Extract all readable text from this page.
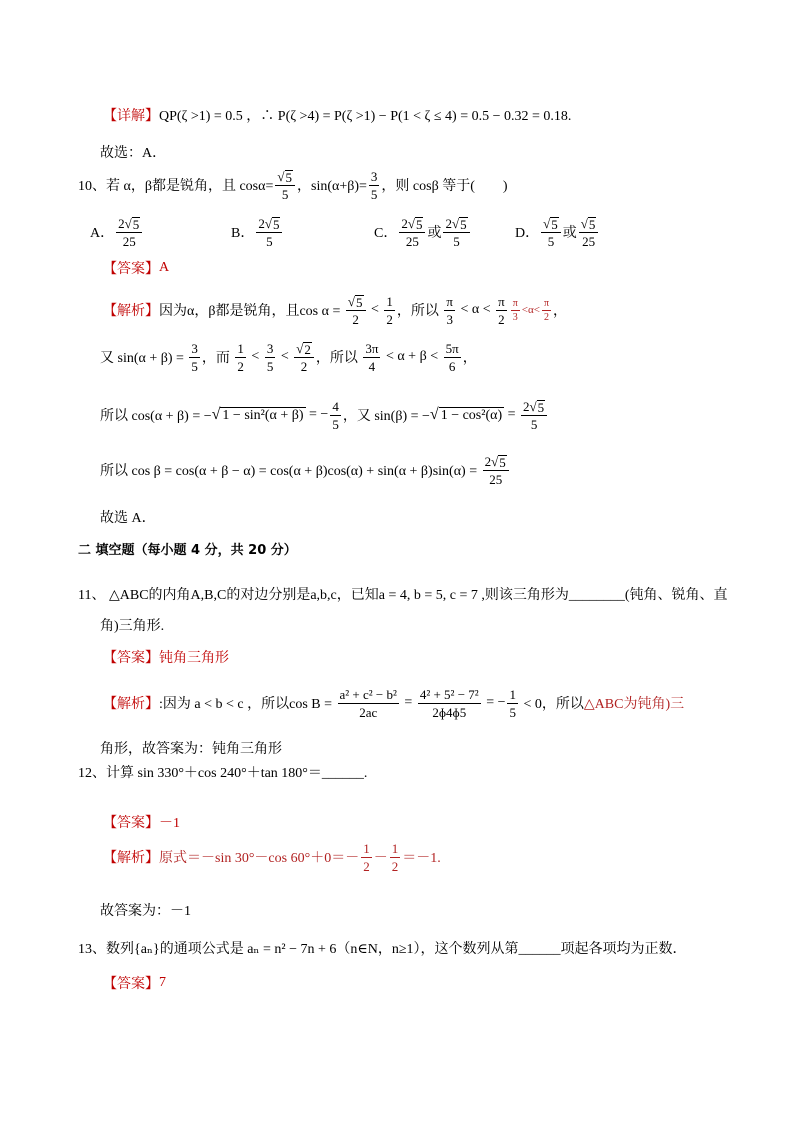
【详解】 QP(ζ >1) = 0.5 ，∴ P(ζ >4) = P(ζ >1) − P(1 < ζ ≤ 4) = 0.5 − 0.32 = 0.18.
故选：A．
10、若 α，β都是锐角，且 $\cos\alpha= \frac{√ 5}{5}$ ，$\sin(\alpha+\beta)= \frac{3}{5}$ ，则 cosβ 等于(　　)
A． $\frac{2 √ 5}{25}$	B． $\frac{2 √ 5}{5}$	C． $\frac{2 √ 5}{25}$ 或 $\frac{2 √ 5}{5}$	D． $\frac{√ 5}{5}$ 或 $\frac{√ 5}{25}$
【答案】 A
【解析】 因为α，β都是锐角，且$\cos \alpha = \frac{√ 5}{2} < \frac{1}{2}$ ，所以 $\frac{\pi}{3} < \alpha < \frac{\pi}{2} \frac{\pi}{3} <\alpha< \frac{\pi}{2}$ ，
又 $\sin(\alpha + \beta) = \frac{3}{5}$ ，而 $\frac{1}{2} < \frac{3}{5} < \frac{√ 2}{2}$ ，所以 $\frac{3\pi}{4} < \alpha + \beta < \frac{5\pi}{6}$ ，
所以 cos(α + β) = − √ 1 − sin²(α + β) = − $\frac{4}{5}$ ，又 sin(β) = − √ $1 - \cos^2(\alpha) = \frac{2 √ 5}{5}$
所以 $\cos \beta = \cos(\alpha + \beta - \alpha) = \cos(\alpha + \beta)\cos(\alpha) + \sin(\alpha + \beta)\sin(\alpha) = \frac{2 √ 5}{25}$
故选 A．
二 填空题（每小题 4 分，共 20 分）
11、 △ABC的内角A,B,C的对边分别是a,b,c，已知a = 4, b = 5, c = 7 ,则该三角形为________(钝角、锐角、直
角)三角形.
【答案】 钝角三角形
【解析】 :因为 a < b < c ，所以$\cos B = \frac{\text{a² + c² − b²}}{2ac} = \frac{\text{4² + 5² − 7²}}{\text{2ɸ4ɸ5}}$ = − $\frac{1}{5} < 0$，所以 △ABC为钝角)三
角形，故答案为：钝角三角形
12、计算 sin 330°＋cos 240°＋tan 180°＝______.
【答案】 －1
【解析】 原式＝－sin 30°－cos $60^\circ+0=- \frac{1}{2} - \frac{1}{2} =-1$.
故答案为：－1
13、数列{aₙ}的通项公式是 aₙ = n² − 7n + 6（n∈N，n≥1），这个数列从第______项起各项均为正数．
【答案】 7
